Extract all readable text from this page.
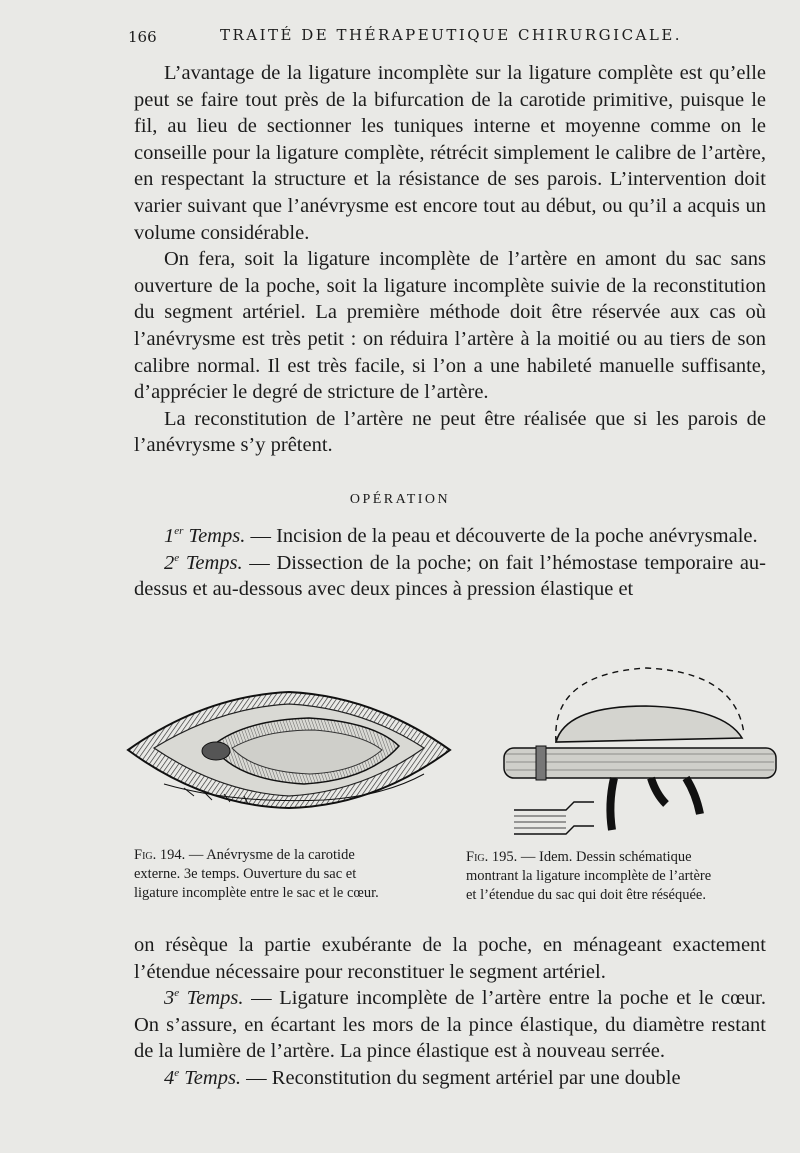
166	TRAITÉ DE THÉRAPEUTIQUE CHIRURGICALE.

L’avantage de la ligature incomplète sur la ligature complète est qu’elle peut se faire tout près de la bifurcation de la carotide primitive, puisque le fil, au lieu de sectionner les tuniques interne et moyenne comme on le conseille pour la ligature complète, rétrécit simplement le calibre de l’artère, en respectant la structure et la résistance de ses parois. L’intervention doit varier suivant que l’anévrysme est encore tout au début, ou qu’il a acquis un volume considérable.

On fera, soit la ligature incomplète de l’artère en amont du sac sans ouverture de la poche, soit la ligature incomplète suivie de la reconstitution du segment artériel. La première méthode doit être réservée aux cas où l’anévrysme est très petit : on réduira l’artère à la moitié ou au tiers de son calibre normal. Il est très facile, si l’on a une habileté manuelle suffisante, d’apprécier le degré de stricture de l’artère.

La reconstitution de l’artère ne peut être réalisée que si les parois de l’anévrysme s’y prêtent.

OPÉRATION

1er Temps. — Incision de la peau et découverte de la poche anévrysmale.

2e Temps. — Dissection de la poche; on fait l’hémostase temporaire au-dessus et au-dessous avec deux pinces à pression élastique et

Fig. 194. — Anévrysme de la carotide
externe. 3e temps. Ouverture du sac et
ligature incomplète entre le sac et le cœur.
Fig. 195. — Idem. Dessin schématique
montrant la ligature incomplète de l’artère
et l’étendue du sac qui doit être réséquée.

on résèque la partie exubérante de la poche, en ménageant exactement l’étendue nécessaire pour reconstituer le segment artériel.

3e Temps. — Ligature incomplète de l’artère entre la poche et le cœur. On s’assure, en écartant les mors de la pince élastique, du diamètre restant de la lumière de l’artère. La pince élastique est à nouveau serrée.

4e Temps. — Reconstitution du segment artériel par une double
